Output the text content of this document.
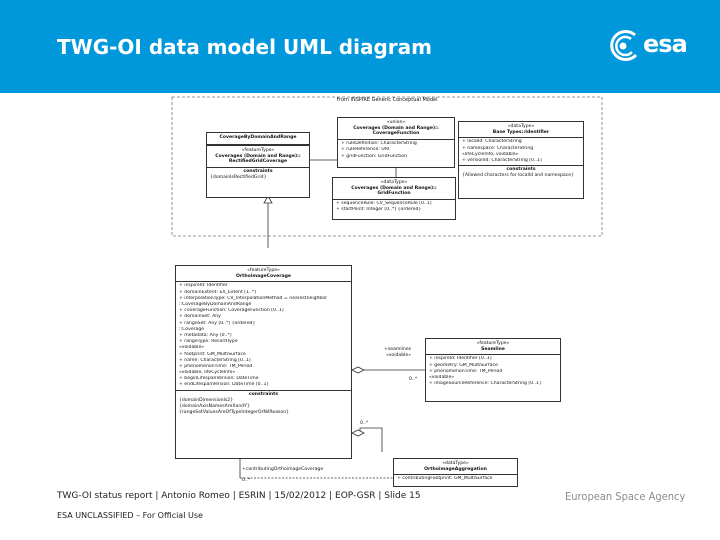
TWG-OI data model UML diagram	esa
From INSPIRE Generic Conceptual Model
CoverageByDomainAndRange
«featureType»
Coverages (Domain and Range)::
RectifiedGridCoverage
constraints
{domainIsRectifiedGrid}
«union»
Coverages (Domain and Range)::
CoverageFunction
+ ruleDefinition: CharacterString
+ ruleReference: URI
+ gridFunction: GridFunction
«dataType»
Coverages (Domain and Range)::
GridFunction
+ sequenceRule: CV_SequenceRule [0..1]
+ startPoint: Integer [0..*] {ordered}
«dataType»
Base Types::Identifier
+ localId: CharacterString
+ namespace: CharacterString
«lifeCycleInfo, voidable»
+ versionId: CharacterString [0..1]
constraints
{Allowed characters for localId and namespace}
«featureType»
OrthoimageCoverage
+ inspireId: Identifier
+ domainExtent: EX_Extent [1..*]
+ interpolationType: CV_InterpolationMethod = nearestneighbor
::CoverageByDomainAndRange
+ coverageFunction: CoverageFunction [0..1]
+ domainSet: Any
+ rangeSet: Any [0..*] {ordered}
::Coverage
+ metadata: Any [0..*]
+ rangeType: RecordType
«voidable»
+ footprint: GM_MultiSurface
+ name: CharacterString [0..1]
+ phenomenonTime: TM_Period
«voidable, lifeCycleInfo»
+ beginLifespanVersion: DateTime
+ endLifespanVersion: DateTime [0..1]
constraints
{domainDimensionIs2}
{domainAxisNamesAreXandY}
{rangeSetValuesAreOfTypeIntegerOrNilReason}
«featureType»
Seamline
+ inspireId: Identifier [0..1]
+ geometry: GM_MultiSurface
+ phenomenonTime: TM_Period
«voidable»
+ imageSourceReference: CharacterString [0..1]
«dataType»
OrthoimageAggregation
+ contributingFootprint: GM_MultiSurface
+seamlines
«voidable»
0..*
0..*
+contributingOrthoimageCoverage
0..*
TWG-OI status report | Antonio Romeo | ESRIN | 15/02/2012 | EOP-GSR | Slide 15
ESA UNCLASSIFIED – For Official Use
European Space Agency
